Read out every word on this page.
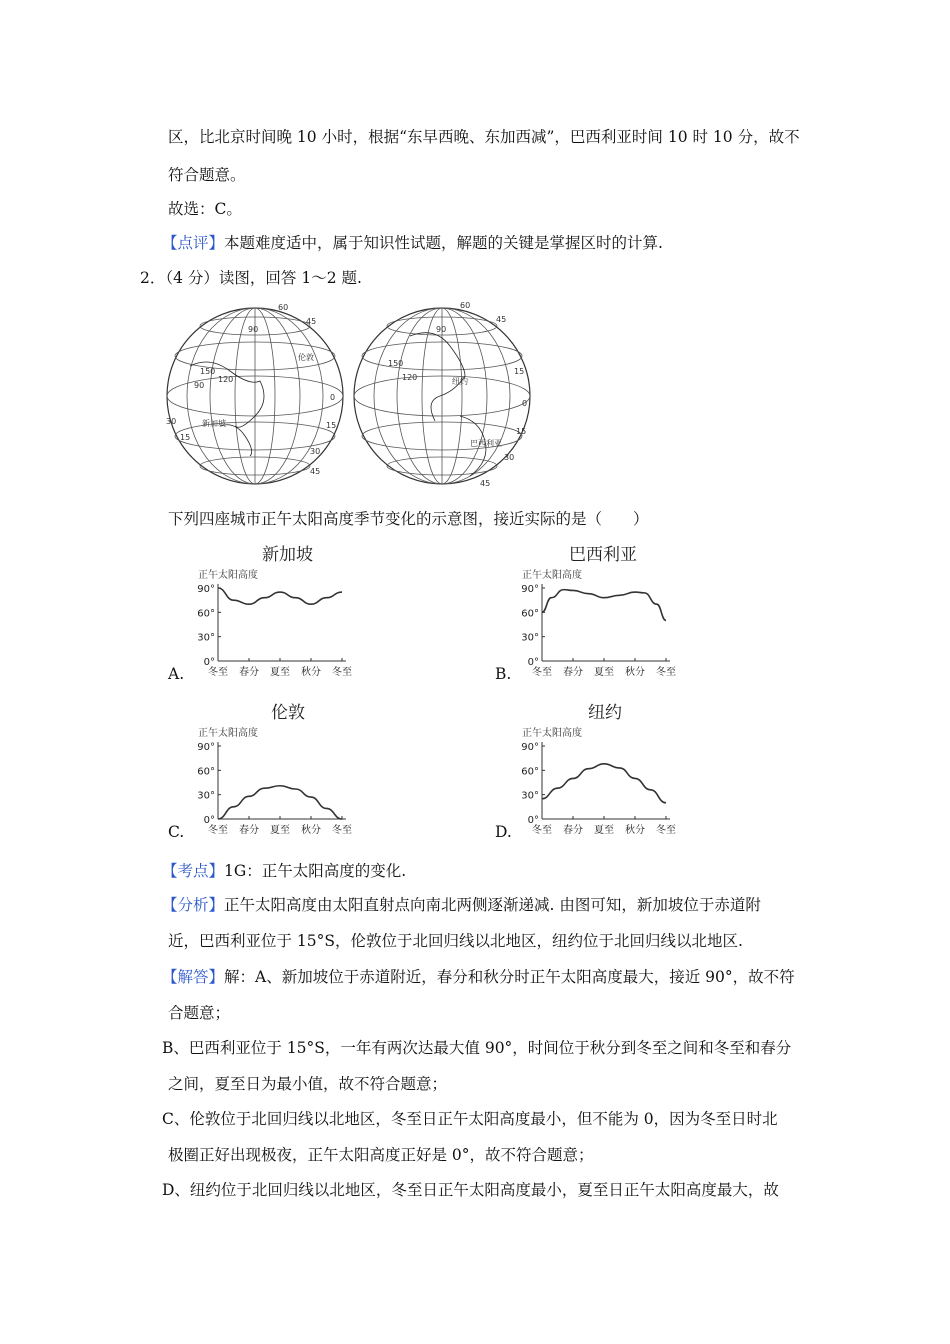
区，比北京时间晚 10 小时，根据“东早西晚、东加西减”，巴西利亚时间 10 时 10 分，故不
符合题意。
故选：C。
【点评】本题难度适中，属于知识性试题，解题的关键是掌握区时的计算.
2．（4 分）读图，回答 1～2 题.
60
45
90
150
120
90
0
15
30
45
30
15
新加坡
伦敦
60
45
90
150
120
15
0
15
30
45
纽约
巴西利亚
下列四座城市正午太阳高度季节变化的示意图，接近实际的是（　　）
新加坡	巴西利亚
伦敦	纽约
A.	B.
C.	D.
正午太阳高度
90°
60°
30°
0°
冬至 春分 夏至 秋分 冬至
正午太阳高度
90°
60°
30°
0°
冬至 春分 夏至 秋分 冬至
正午太阳高度
90°
60°
30°
0°
冬至 春分 夏至 秋分 冬至
正午太阳高度
90°
60°
30°
0°
冬至 春分 夏至 秋分 冬至
【考点】1G：正午太阳高度的变化.
【分析】正午太阳高度由太阳直射点向南北两侧逐渐递减. 由图可知，新加坡位于赤道附
近，巴西利亚位于 15°S，伦敦位于北回归线以北地区，纽约位于北回归线以北地区.
【解答】解：A、新加坡位于赤道附近，春分和秋分时正午太阳高度最大，接近 90°，故不符
合题意；
B、巴西利亚位于 15°S，一年有两次达最大值 90°，时间位于秋分到冬至之间和冬至和春分
之间，夏至日为最小值，故不符合题意；
C、伦敦位于北回归线以北地区，冬至日正午太阳高度最小，但不能为 0，因为冬至日时北
极圈正好出现极夜，正午太阳高度正好是 0°，故不符合题意；
D、纽约位于北回归线以北地区，冬至日正午太阳高度最小，夏至日正午太阳高度最大，故
